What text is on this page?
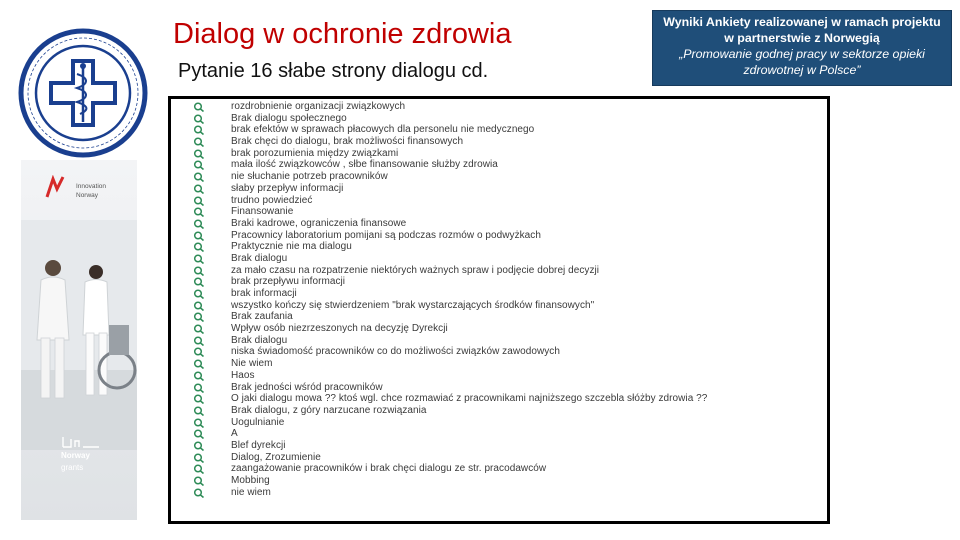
Dialog w ochronie zdrowia
Pytanie 16 słabe strony dialogu cd.
Wyniki Ankiety realizowanej w ramach projektu w partnerstwie z Norwegią
„Promowanie godnej pracy w sektorze opieki zdrowotnej w Polsce”
Innovation
Norway
Norway
grants
rozdrobnienie organizacji związkowych
Brak dialogu społecznego
brak efektów w sprawach płacowych dla personelu nie medycznego
Brak chęci do dialogu, brak możliwości finansowych
brak porozumienia między związkami
mała ilość związkowców , słbe finansowanie służby zdrowia
nie słuchanie potrzeb pracowników
słaby przepływ informacji
trudno powiedzieć
Finansowanie
Braki kadrowe, ograniczenia finansowe
Pracownicy laboratorium pomijani są podczas rozmów o podwyżkach
Praktycznie nie ma dialogu
Brak dialogu
za mało czasu na rozpatrzenie niektórych ważnych spraw i podjęcie dobrej decyzji
brak przepływu informacji
brak informacji
wszystko kończy się stwierdzeniem "brak wystarczających środków finansowych"
Brak zaufania
Wpływ osób niezrzeszonych na decyzję Dyrekcji
Brak dialogu
niska świadomość pracowników co do możliwości związków zawodowych
Nie wiem
Haos
Brak jedności wśród pracowników
O jaki dialogu mowa ?? ktoś wgl. chce rozmawiać z pracownikami najniższego szczebla słóżby zdrowia ??
Brak dialogu, z góry narzucane rozwiązania
Uogulnianie
A
Blef dyrekcji
Dialog, Zrozumienie
zaangażowanie pracowników i brak chęci dialogu ze str. pracodawców
Mobbing
nie wiem
